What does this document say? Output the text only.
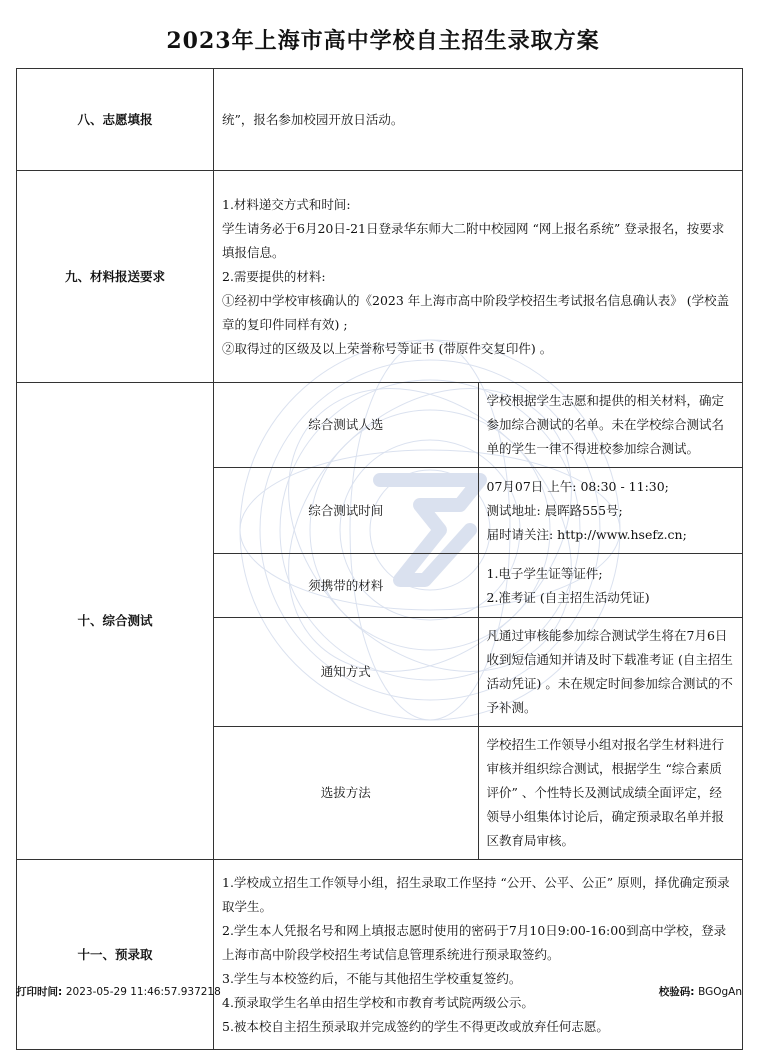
2023年上海市高中学校自主招生录取方案
八、志愿填报	统”，报名参加校园开放日活动。	

九、材料报送要求	1.材料递交方式和时间:

学生请务必于6月20日-21日登录华东师大二附中校园网 “网上报名系统” 登录报名，按要求填报信息。

2.需要提供的材料:

①经初中学校审核确认的《2023 年上海市高中阶段学校招生考试报名信息确认表》 (学校盖章的复印件同样有效) ;

②取得过的区级及以上荣誉称号等证书 (带原件交复印件) 。	

十、综合测试	综合测试人选	学校根据学生志愿和提供的相关材料，确定参加综合测试的名单。未在学校综合测试名单的学生一律不得进校参加综合测试。

	综合测试时间	07月07日 上午: 08:30 - 11:30;

测试地址: 晨晖路555号;

届时请关注: http://www.hsefz.cn;

	须携带的材料	1.电子学生证等证件;

2.准考证 (自主招生活动凭证)

	通知方式	凡通过审核能参加综合测试学生将在7月6日收到短信通知并请及时下载准考证 (自主招生活动凭证) 。未在规定时间参加综合测试的不予补测。

	选拔方法	学校招生工作领导小组对报名学生材料进行审核并组织综合测试，根据学生 “综合素质评价” 、个性特长及测试成绩全面评定，经领导小组集体讨论后，确定预录取名单并报区教育局审核。

十一、预录取	1.学校成立招生工作领导小组，招生录取工作坚持 “公开、公平、公正” 原则，择优确定预录取学生。

2.学生本人凭报名号和网上填报志愿时使用的密码于7月10日9:00-16:00到高中学校，登录上海市高中阶段学校招生考试信息管理系统进行预录取签约。

3.学生与本校签约后，不能与其他招生学校重复签约。

4.预录取学生名单由招生学校和市教育考试院两级公示。

5.被本校自主招生预录取并完成签约的学生不得更改或放弃任何志愿。	

打印时间: 2023-05-29 11:46:57.937218	校验码: BGOgAn
